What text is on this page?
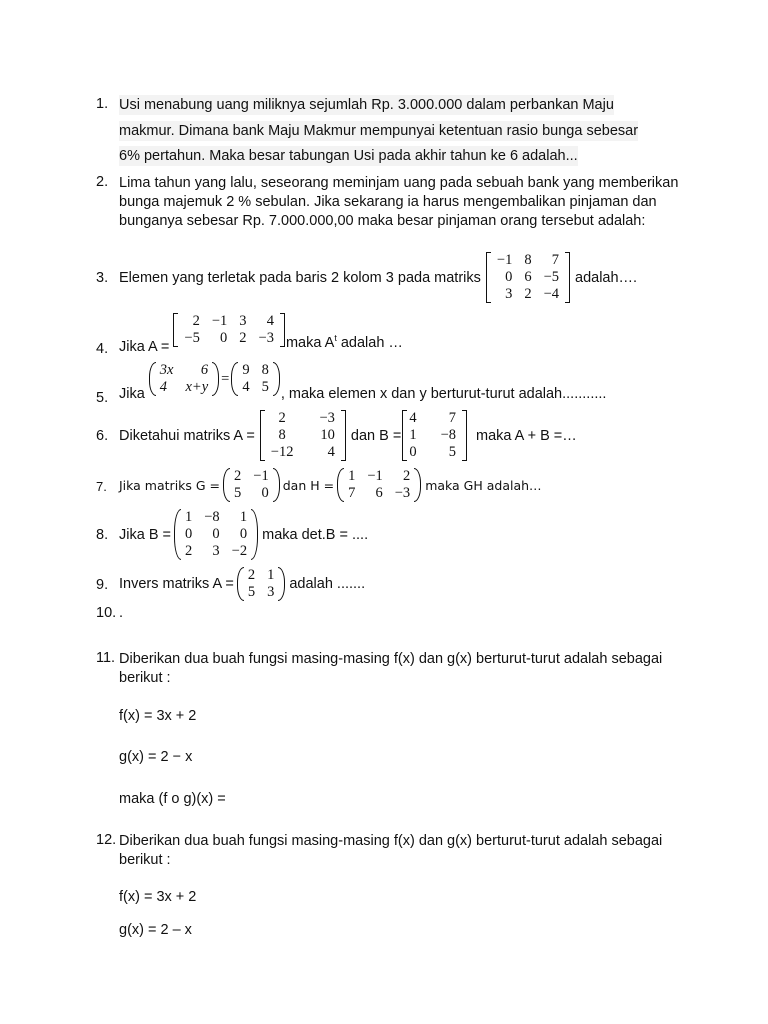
1. Usi menabung uang miliknya sejumlah Rp. 3.000.000 dalam perbankan Maju
makmur. Dimana bank Maju Makmur mempunyai ketentuan rasio bunga sebesar
6% pertahun. Maka besar tabungan Usi pada akhir tahun ke 6 adalah...
2. Lima tahun yang lalu, seseorang meminjam uang pada sebuah bank yang memberikan bunga majemuk 2 % sebulan. Jika sekarang ia harus mengembalikan pinjaman dan bunganya sebesar Rp. 7.000.000,00 maka besar pinjaman orang tersebut adalah:
3. Elemen yang terletak pada baris 2 kolom 3 pada matriks
−1	8	7
0	6	−5
3	2	−4
adalah….
4. Jika A =
2	−1	3	4
−5	0	2	−3 maka $A^t$ adalah …
5. Jika
3x	6
4	x+y =
9	8
4	5 , maka elemen x dan y berturut-turut adalah...........
6. Diketahui matriks A =
2	−3
8	10
−12	4
dan B =
4	7
1	−8
0	5
maka A + B =…
7. Jika matriks G =
2	−1
5	0 dan H =
1	−1	2
7	6	−3 maka GH adalah…
8. Jika B =
1	−8	1
0	0	0
2	3	−2
maka det.B = ....
9. Invers matriks A =
2	1
5	3 adalah .......
10. .
11. Diberikan dua buah fungsi masing-masing f(x) dan g(x) berturut-turut adalah sebagai berikut :
f(x) = 3x + 2
g(x) = 2 − x
maka (f o g)(x) =
12. Diberikan dua buah fungsi masing-masing f(x) dan g(x) berturut-turut adalah sebagai berikut :
f(x) = 3x + 2
g(x) = 2 – x
